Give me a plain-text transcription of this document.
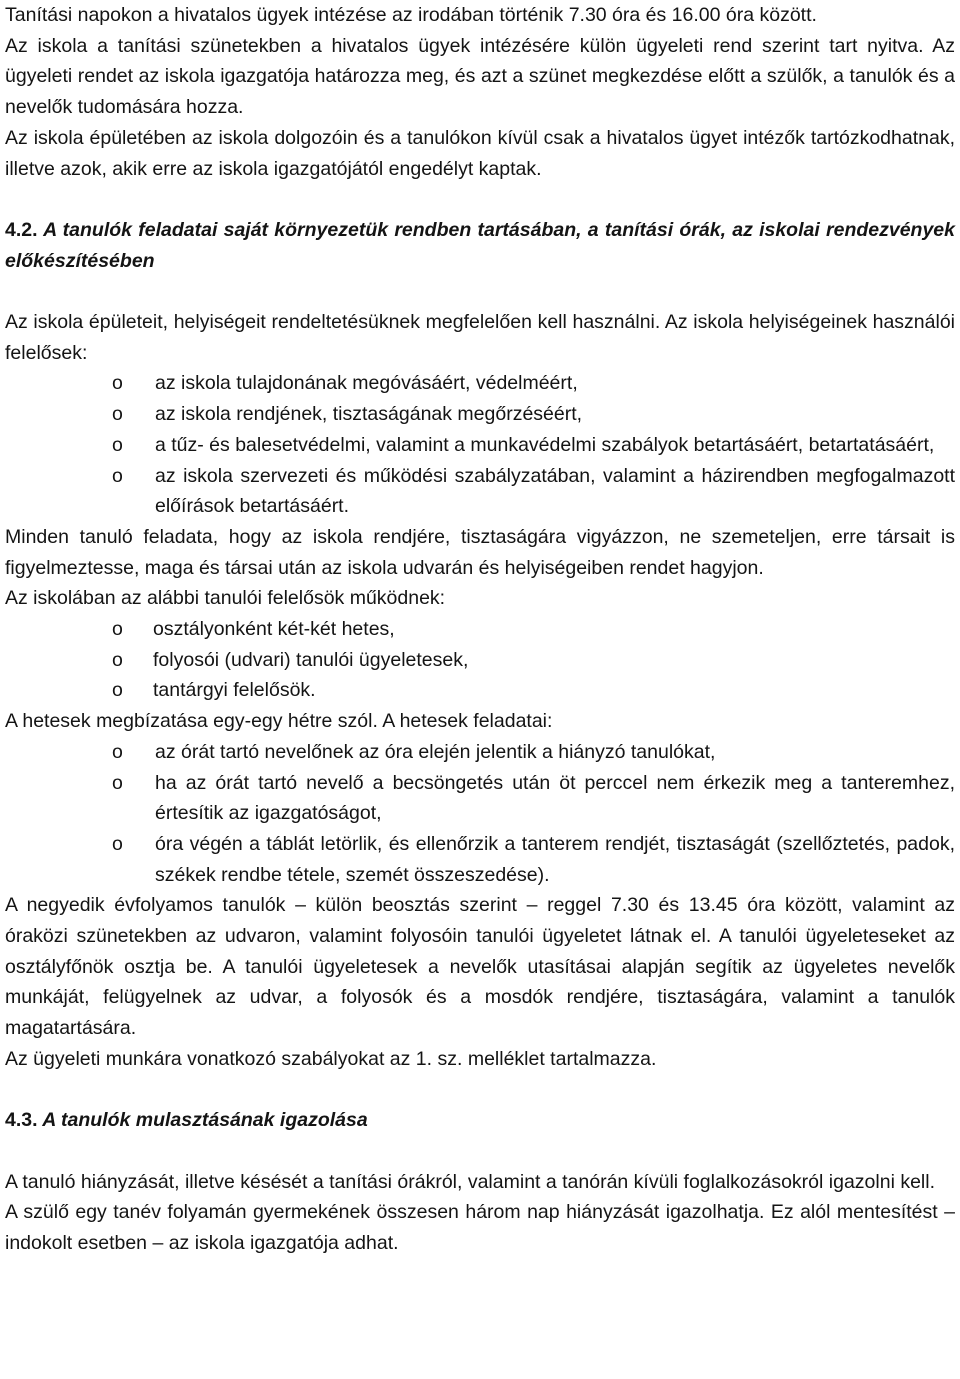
Tanítási napokon a hivatalos ügyek intézése az irodában történik 7.30 óra és 16.00 óra között.

Az iskola a tanítási szünetekben a hivatalos ügyek intézésére külön ügyeleti rend szerint tart nyitva. Az ügyeleti rendet az iskola igazgatója határozza meg, és azt a szünet megkezdése előtt a szülők, a tanulók és a nevelők tudomására hozza.

Az iskola épületében az iskola dolgozóin és a tanulókon kívül csak a hivatalos ügyet intézők tartózkodhatnak, illetve azok, akik erre az iskola igazgatójától engedélyt kaptak.

4.2. A tanulók feladatai saját környezetük rendben tartásában, a tanítási órák, az iskolai rendezvények előkészítésében

Az iskola épületeit, helyiségeit rendeltetésüknek megfelelően kell használni. Az iskola helyiségeinek használói felelősek:

o az iskola tulajdonának megóvásáért, védelméért,
o az iskola rendjének, tisztaságának megőrzéséért,
o a tűz- és balesetvédelmi, valamint a munkavédelmi szabályok betartásáért, betartatásáért,
o az iskola szervezeti és működési szabályzatában, valamint a házirendben megfogalmazott előírások betartásáért.

Minden tanuló feladata, hogy az iskola rendjére, tisztaságára vigyázzon, ne szemeteljen, erre társait is figyelmeztesse, maga és társai után az iskola udvarán és helyiségeiben rendet hagyjon.

Az iskolában az alábbi tanulói felelősök működnek:

o osztályonként két-két hetes,
o folyosói (udvari) tanulói ügyeletesek,
o tantárgyi felelősök.

A hetesek megbízatása egy-egy hétre szól. A hetesek feladatai:

o az órát tartó nevelőnek az óra elején jelentik a hiányzó tanulókat,
o ha az órát tartó nevelő a becsöngetés után öt perccel nem érkezik meg a tanteremhez, értesítik az igazgatóságot,
o óra végén a táblát letörlik, és ellenőrzik a tanterem rendjét, tisztaságát (szellőztetés, padok, székek rendbe tétele, szemét összeszedése).

A negyedik évfolyamos tanulók – külön beosztás szerint – reggel 7.30 és 13.45 óra között, valamint az óraközi szünetekben az udvaron, valamint folyosóin tanulói ügyeletet látnak el. A tanulói ügyeleteseket az osztályfőnök osztja be. A tanulói ügyeletesek a nevelők utasításai alapján segítik az ügyeletes nevelők munkáját, felügyelnek az udvar, a folyosók és a mosdók rendjére, tisztaságára, valamint a tanulók magatartására.

Az ügyeleti munkára vonatkozó szabályokat az 1. sz. melléklet tartalmazza.

4.3. A tanulók mulasztásának igazolása

A tanuló hiányzását, illetve késését a tanítási órákról, valamint a tanórán kívüli foglalkozásokról igazolni kell.

A szülő egy tanév folyamán gyermekének összesen három nap hiányzását igazolhatja. Ez alól mentesítést – indokolt esetben – az iskola igazgatója adhat.
